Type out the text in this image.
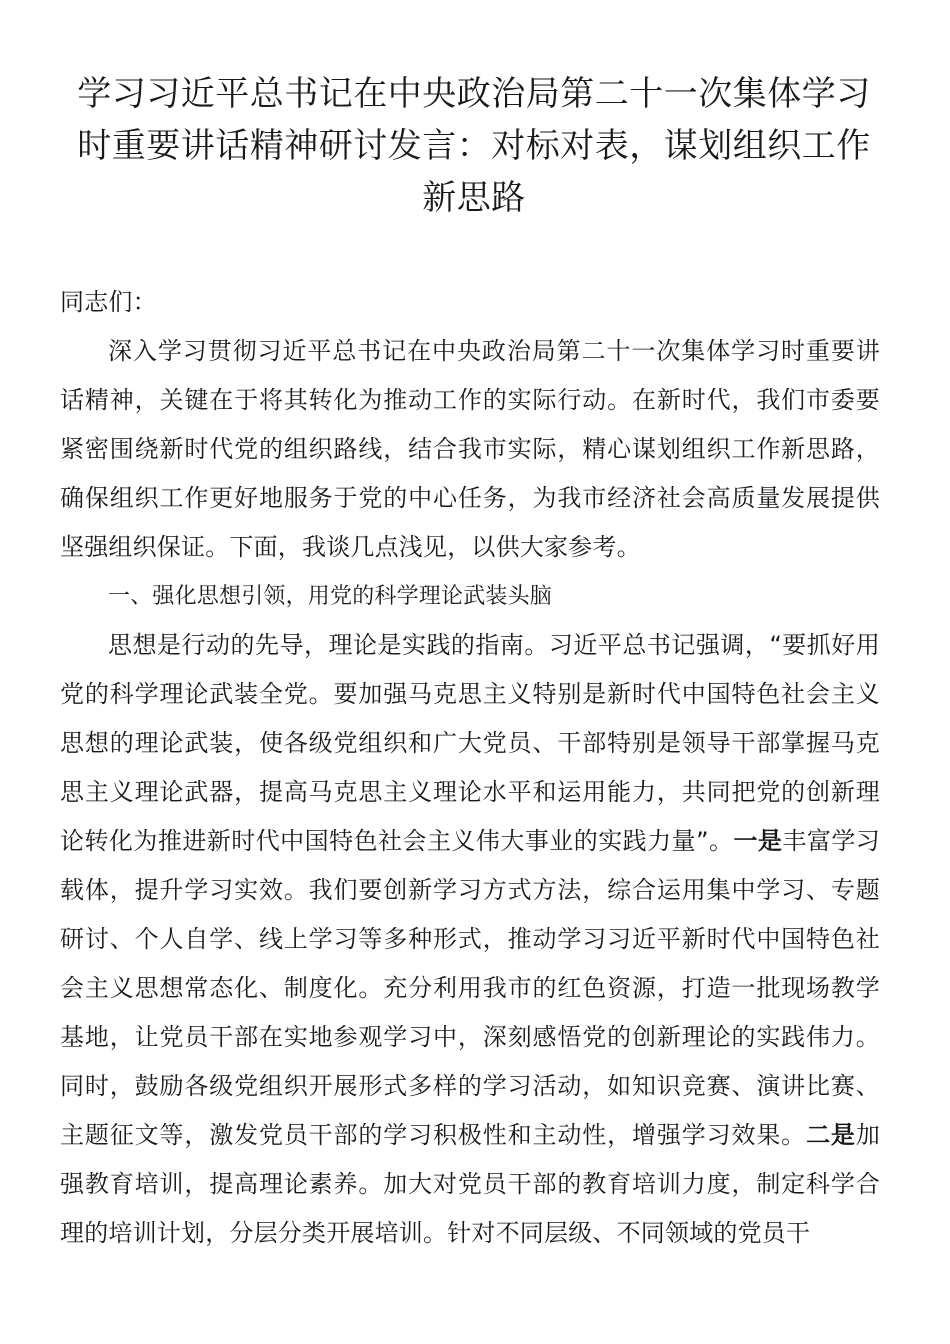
学习习近平总书记在中央政治局第二十一次集体学习
时重要讲话精神研讨发言：对标对表，谋划组织工作
新思路

同志们：

深入学习贯彻习近平总书记在中央政治局第二十一次集体学习时重要讲话精神，关键在于将其转化为推动工作的实际行动。在新时代，我们市委要紧密围绕新时代党的组织路线，结合我市实际，精心谋划组织工作新思路，确保组织工作更好地服务于党的中心任务，为我市经济社会高质量发展提供坚强组织保证。下面，我谈几点浅见，以供大家参考。

一、强化思想引领，用党的科学理论武装头脑

思想是行动的先导，理论是实践的指南。习近平总书记强调，“要抓好用党的科学理论武装全党。要加强马克思主义特别是新时代中国特色社会主义思想的理论武装，使各级党组织和广大党员、干部特别是领导干部掌握马克思主义理论武器，提高马克思主义理论水平和运用能力，共同把党的创新理论转化为推进新时代中国特色社会主义伟大事业的实践力量”。一是丰富学习载体，提升学习实效。我们要创新学习方式方法，综合运用集中学习、专题研讨、个人自学、线上学习等多种形式，推动学习习近平新时代中国特色社会主义思想常态化、制度化。充分利用我市的红色资源，打造一批现场教学基地，让党员干部在实地参观学习中，深刻感悟党的创新理论的实践伟力。同时，鼓励各级党组织开展形式多样的学习活动，如知识竞赛、演讲比赛、主题征文等，激发党员干部的学习积极性和主动性，增强学习效果。二是加强教育培训，提高理论素养。加大对党员干部的教育培训力度，制定科学合理的培训计划，分层分类开展培训。针对不同层级、不同领域的党员干
